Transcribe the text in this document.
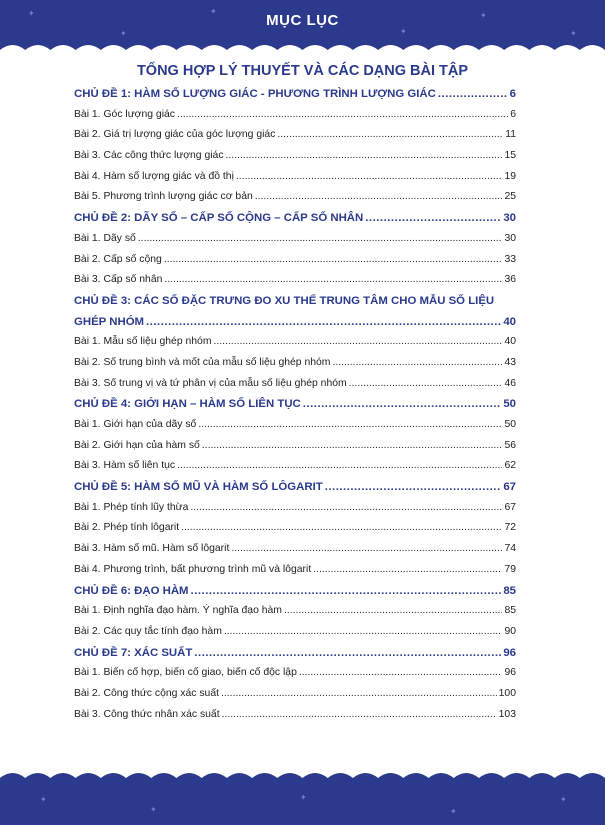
✦
✦
✦
✦
✦
✦
MỤC LỤC
TỔNG HỢP LÝ THUYẾT VÀ CÁC DẠNG BÀI TẬP
CHỦ ĐỀ 1: HÀM SỐ LƯỢNG GIÁC - PHƯƠNG TRÌNH LƯỢNG GIÁC .....	6
Bài 1. Góc lượng giác .....	6
Bài 2. Giá trị lượng giác của góc lượng giác .....	11
Bài 3. Các công thức lượng giác .....	15
Bài 4. Hàm số lượng giác và đồ thị .....	19
Bài 5. Phương trình lượng giác cơ bản .....	25
CHỦ ĐỀ 2: DÃY SỐ – CẤP SỐ CỘNG – CẤP SỐ NHÂN .....	30
Bài 1. Dãy số .....	30
Bài 2. Cấp số cộng .....	33
Bài 3. Cấp số nhân .....	36
CHỦ ĐỀ 3: CÁC SỐ ĐẶC TRƯNG ĐO XU THẾ TRUNG TÂM CHO MẪU SỐ LIỆU
GHÉP NHÓM .....	40
Bài 1. Mẫu số liệu ghép nhóm .....	40
Bài 2. Số trung bình và mốt của mẫu số liệu ghép nhóm .....	43
Bài 3. Số trung vị và tứ phân vị của mẫu số liệu ghép nhóm .....	46
CHỦ ĐỀ 4: GIỚI HẠN – HÀM SỐ LIÊN TỤC .....	50
Bài 1. Giới hạn của dãy số .....	50
Bài 2. Giới hạn của hàm số .....	56
Bài 3. Hàm số liên tục .....	62
CHỦ ĐỀ 5: HÀM SỐ MŨ VÀ HÀM SỐ LÔGARIT .....	67
Bài 1. Phép tính lũy thừa .....	67
Bài 2. Phép tính lôgarit .....	72
Bài 3. Hàm số mũ. Hàm số lôgarit .....	74
Bài 4. Phương trình, bất phương trình mũ và lôgarit .....	79
CHỦ ĐỀ 6: ĐẠO HÀM .....	85
Bài 1. Định nghĩa đạo hàm. Ý nghĩa đạo hàm .....	85
Bài 2. Các quy tắc tính đạo hàm .....	90
CHỦ ĐỀ 7: XÁC SUẤT .....	96
Bài 1. Biến cố hợp, biến cố giao, biến cố độc lập .....	96
Bài 2. Công thức cộng xác suất .....	100
Bài 3. Công thức nhân xác suất .....	103
✦
✦
✦
✦
✦
